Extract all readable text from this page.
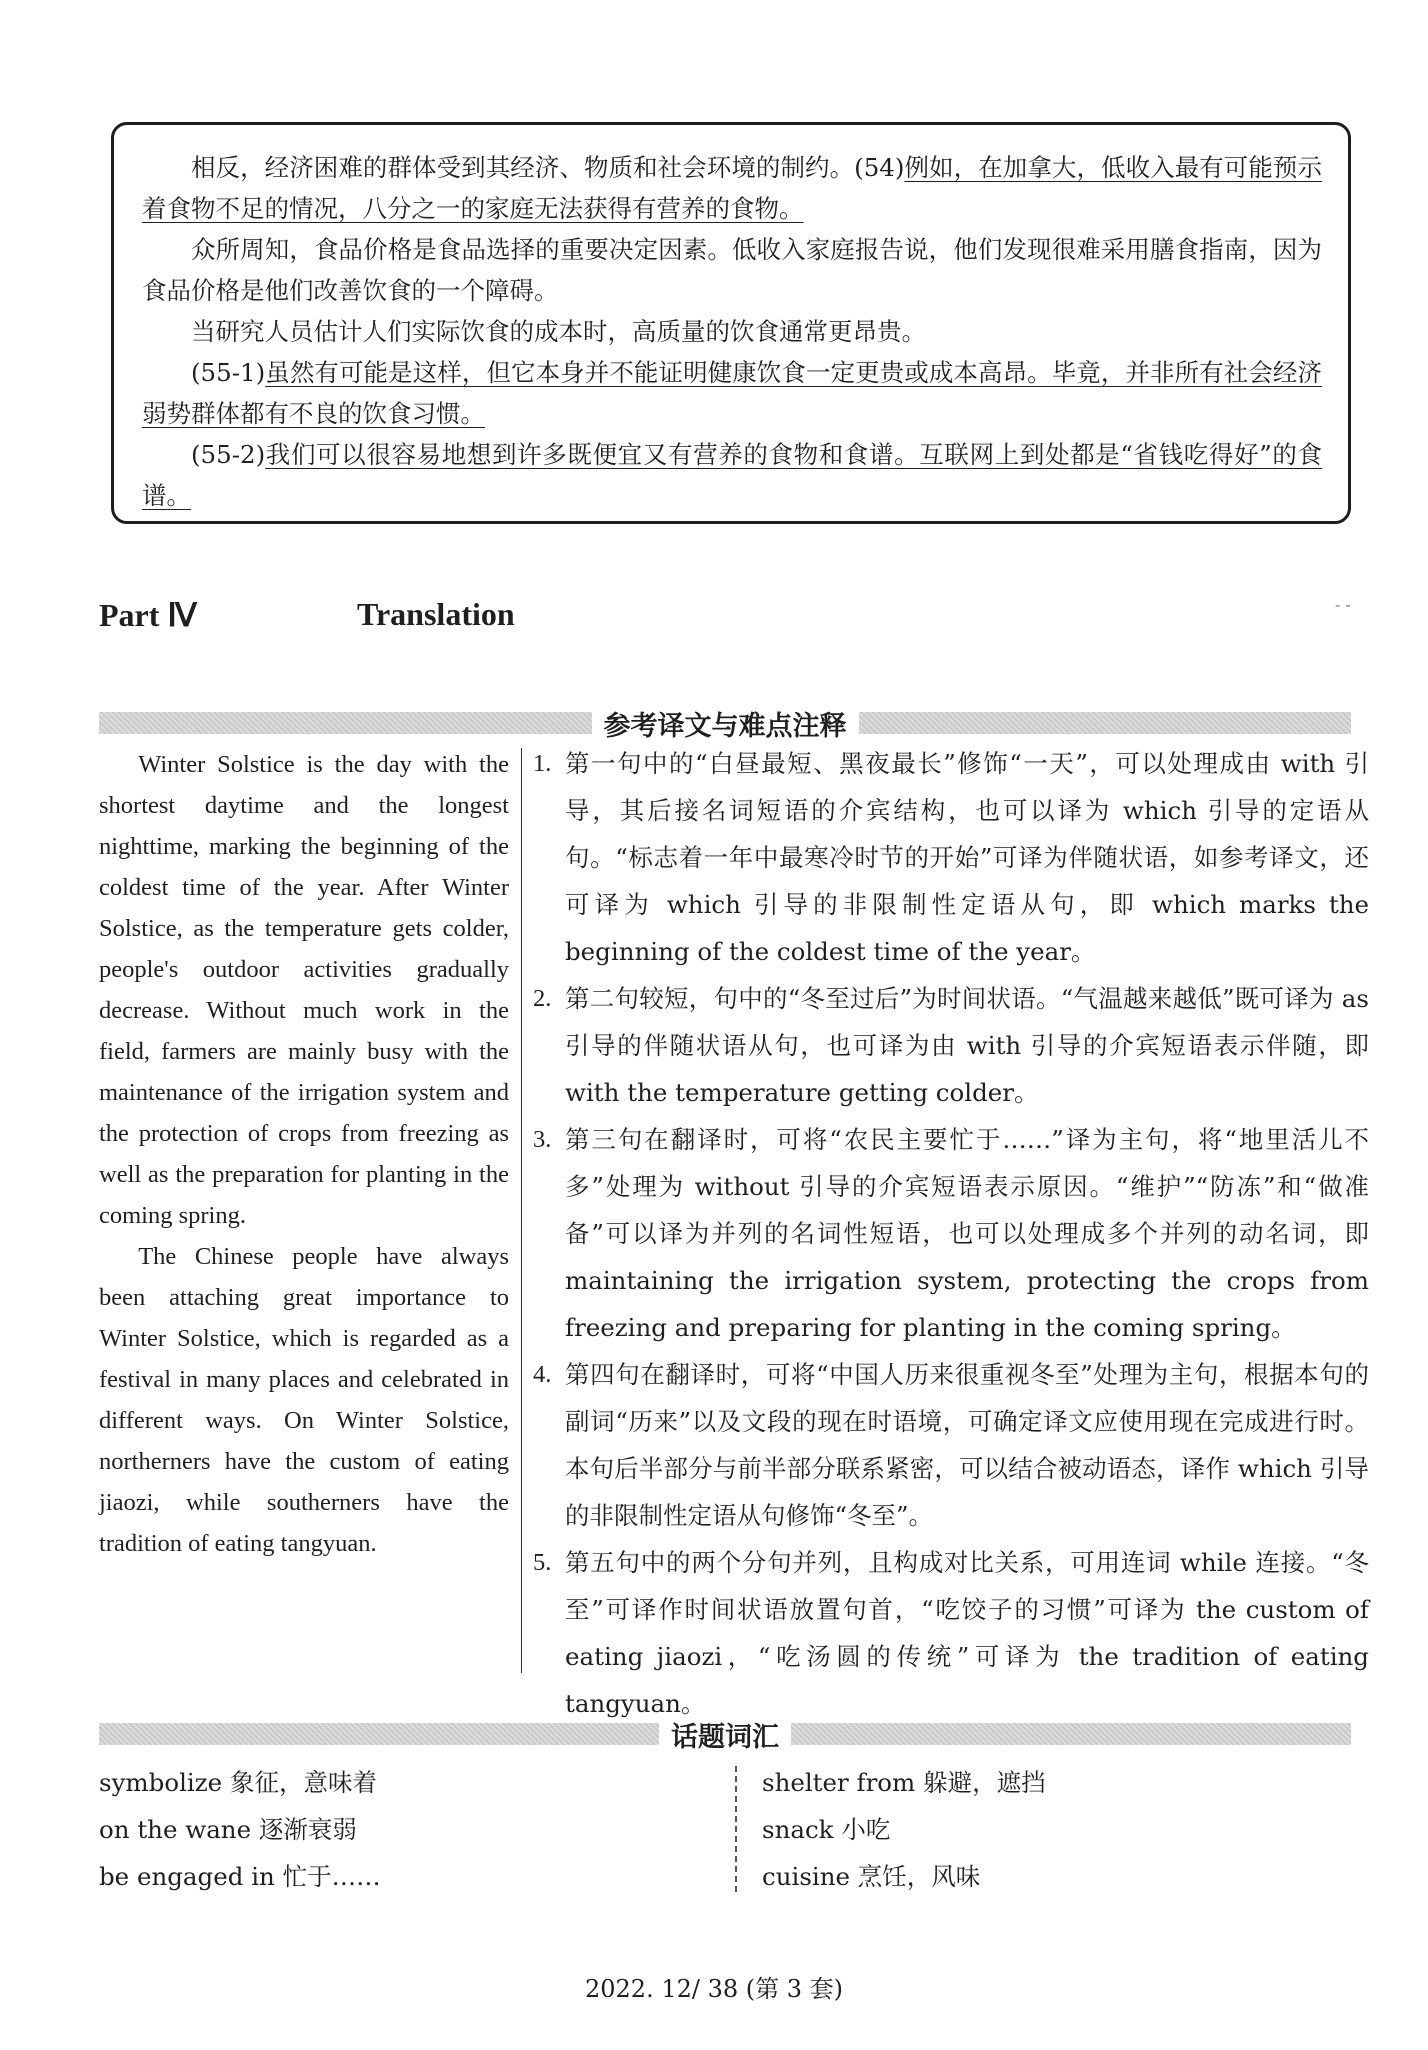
相反，经济困难的群体受到其经济、物质和社会环境的制约。(54)例如，在加拿大，低收入最有可能预示着食物不足的情况，八分之一的家庭无法获得有营养的食物。

众所周知，食品价格是食品选择的重要决定因素。低收入家庭报告说，他们发现很难采用膳食指南，因为食品价格是他们改善饮食的一个障碍。

当研究人员估计人们实际饮食的成本时，高质量的饮食通常更昂贵。

(55-1)虽然有可能是这样，但它本身并不能证明健康饮食一定更贵或成本高昂。毕竟，并非所有社会经济弱势群体都有不良的饮食习惯。

(55-2)我们可以很容易地想到许多既便宜又有营养的食物和食谱。互联网上到处都是“省钱吃得好”的食谱。

Part Ⅳ	Translation	- -
参考译文与难点注释

Winter Solstice is the day with the shortest daytime and the longest nighttime, marking the beginning of the coldest time of the year. After Winter Solstice, as the temperature gets colder, people's outdoor activities gradually decrease. Without much work in the field, farmers are mainly busy with the maintenance of the irrigation system and the protection of crops from freezing as well as the preparation for planting in the coming spring.

The Chinese people have always been attaching great importance to Winter Solstice, which is regarded as a festival in many places and celebrated in different ways. On Winter Solstice, northerners have the custom of eating jiaozi, while southerners have the tradition of eating tangyuan.

1. 第一句中的“白昼最短、黑夜最长”修饰“一天”，可以处理成由 with 引导，其后接名词短语的介宾结构，也可以译为 which 引导的定语从句。“标志着一年中最寒冷时节的开始”可译为伴随状语，如参考译文，还可译为 which 引导的非限制性定语从句，即 which marks the beginning of the coldest time of the year。
2. 第二句较短，句中的“冬至过后”为时间状语。“气温越来越低”既可译为 as 引导的伴随状语从句，也可译为由 with 引导的介宾短语表示伴随，即 with the temperature getting colder。
3. 第三句在翻译时，可将“农民主要忙于……”译为主句，将“地里活儿不多”处理为 without 引导的介宾短语表示原因。“维护”“防冻”和“做准备”可以译为并列的名词性短语，也可以处理成多个并列的动名词，即 maintaining the irrigation system, protecting the crops from freezing and preparing for planting in the coming spring。
4. 第四句在翻译时，可将“中国人历来很重视冬至”处理为主句，根据本句的副词“历来”以及文段的现在时语境，可确定译文应使用现在完成进行时。本句后半部分与前半部分联系紧密，可以结合被动语态，译作 which 引导的非限制性定语从句修饰“冬至”。
5. 第五句中的两个分句并列，且构成对比关系，可用连词 while 连接。“冬至”可译作时间状语放置句首，“吃饺子的习惯”可译为 the custom of eating jiaozi，“吃汤圆的传统”可译为 the tradition of eating tangyuan。
话题词汇
symbolize 象征，意味着
on the wane 逐渐衰弱
be engaged in 忙于……
shelter from 躲避，遮挡
snack 小吃
cuisine 烹饪，风味
2022. 12/ 38 (第 3 套)
